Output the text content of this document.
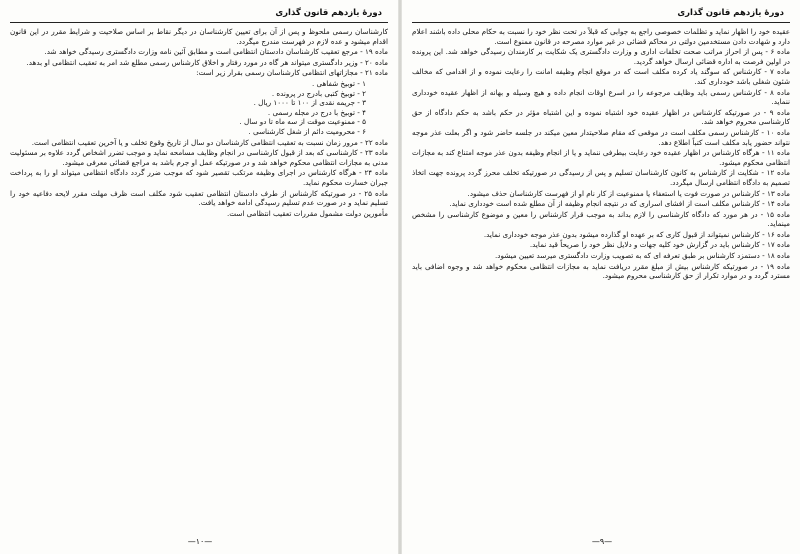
دورهٔ یازدهم قانون گذاری

عقیده خود را اظهار نماید و تظلمات خصوصی راجع به جوابی که قبلاً در تحت نظر خود را نسبت به حکام محلی داده باشند اعلام دارد و شهادت دادن مستخدمین دولتی در محاکم قضائی در غیر موارد مصرحه در قانون ممنوع است.

ماده ۶ - پس از احراز مراتب صحت تخلفات اداری و وزارت دادگستری یک شکایت بر کارمندان رسیدگی خواهد شد. این پرونده در اولین فرصت به اداره قضائی ارسال خواهد گردید.

ماده ۷ - کارشناس که سوگند یاد کرده مکلف است که در موقع انجام وظیفه امانت را رعایت نموده و از اقدامی که مخالف شئون شغلی باشد خودداری کند.

ماده ۸ - کارشناس رسمی باید وظایف مرجوعه را در اسرع اوقات انجام داده و هیچ وسیله و بهانه از اظهار عقیده خودداری ننماید.

ماده ۹ - در صورتیکه کارشناس در اظهار عقیده خود اشتباه نموده و این اشتباه مؤثر در حکم باشد به حکم دادگاه از حق کارشناسی محروم خواهد شد.

ماده ۱۰ - کارشناس رسمی مکلف است در موقعی که مقام صلاحیتدار معین میکند در جلسه حاضر شود و اگر بعلت عذر موجه نتواند حضور یابد مکلف است کتباً اطلاع دهد.

ماده ۱۱ - هرگاه کارشناس در اظهار عقیده خود رعایت بیطرفی ننماید و یا از انجام وظیفه بدون عذر موجه امتناع کند به مجازات انتظامی محکوم میشود.

ماده ۱۲ - شکایت از کارشناس به کانون کارشناسان تسلیم و پس از رسیدگی در صورتیکه تخلف محرز گردد پرونده جهت اتخاذ تصمیم به دادگاه انتظامی ارسال میگردد.

ماده ۱۳ - کارشناس در صورت فوت یا استعفاء یا ممنوعیت از کار نام او از فهرست کارشناسان حذف میشود.

ماده ۱۴ - کارشناس مکلف است از افشای اسراری که در نتیجه انجام وظیفه از آن مطلع شده است خودداری نماید.

ماده ۱۵ - در هر مورد که دادگاه کارشناسی را لازم بداند به موجب قرار کارشناس را معین و موضوع کارشناسی را مشخص مینماید.

ماده ۱۶ - کارشناس نمیتواند از قبول کاری که بر عهده او گذارده میشود بدون عذر موجه خودداری نماید.

ماده ۱۷ - کارشناس باید در گزارش خود کلیه جهات و دلایل نظر خود را صریحاً قید نماید.

ماده ۱۸ - دستمزد کارشناس بر طبق تعرفه ای که به تصویب وزارت دادگستری میرسد تعیین میشود.

ماده ۱۹ - در صورتیکه کارشناس بیش از مبلغ مقرر دریافت نماید به مجازات انتظامی محکوم خواهد شد و وجوه اضافی باید مسترد گردد و در موارد تکرار از حق کارشناسی محروم میشود.

—۹—
دورهٔ یازدهم قانون گذاری

کارشناسان رسمی ملحوظ و پس از آن برای تعیین کارشناسان در دیگر نقاط بر اساس صلاحیت و شرایط مقرر در این قانون اقدام میشود و عده لازم در فهرست مندرج میگردد.

ماده ۱۹ - مرجع تعقیب کارشناسان دادستان انتظامی است و مطابق آئین نامه وزارت دادگستری رسیدگی خواهد شد.

ماده ۲۰ - وزیر دادگستری میتواند هر گاه در مورد رفتار و اخلاق کارشناس رسمی مطلع شد امر به تعقیب انتظامی او بدهد.

ماده ۲۱ - مجازاتهای انتظامی کارشناسان رسمی بقرار زیر است:

۱ - توبیخ شفاهی .
۲ - توبیخ کتبی بادرج در پرونده .
۳ - جریمه نقدی از ۱۰۰ تا ۱۰۰۰ ریال .
۴ - توبیخ با درج در مجله رسمی .
۵ - ممنوعیت موقت از سه ماه تا دو سال .
۶ - محرومیت دائم از شغل کارشناسی .

ماده ۲۲ - مرور زمان نسبت به تعقیب انتظامی کارشناسان دو سال از تاریخ وقوع تخلف و یا آخرین تعقیب انتظامی است.

ماده ۲۳ - کارشناسی که بعد از قبول کارشناسی در انجام وظایف مسامحه نماید و موجب تضرر اشخاص گردد علاوه بر مسئولیت مدنی به مجازات انتظامی محکوم خواهد شد و در صورتیکه عمل او جرم باشد به مراجع قضائی معرفی میشود.

ماده ۲۴ - هرگاه کارشناس در اجرای وظیفه مرتکب تقصیر شود که موجب ضرر گردد دادگاه انتظامی میتواند او را به پرداخت جبران خسارت محکوم نماید.

ماده ۲۵ - در صورتیکه کارشناس از طرف دادستان انتظامی تعقیب شود مکلف است ظرف مهلت مقرر لایحه دفاعیه خود را تسلیم نماید و در صورت عدم تسلیم رسیدگی ادامه خواهد یافت.

مأمورین دولت مشمول مقررات تعقیب انتظامی است.

—۱۰—
